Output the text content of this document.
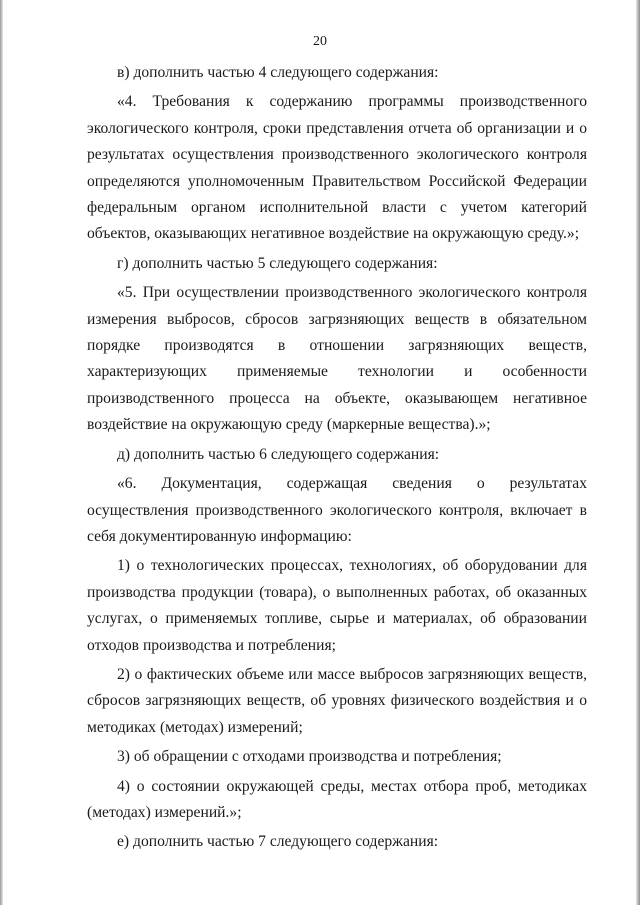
20

в) дополнить частью 4 следующего содержания:

«4. Требования к содержанию программы производственного экологического контроля, сроки представления отчета об организации и о результатах осуществления производственного экологического контроля определяются уполномоченным Правительством Российской Федерации федеральным органом исполнительной власти с учетом категорий объектов, оказывающих негативное воздействие на окружающую среду.»;

г) дополнить частью 5 следующего содержания:

«5. При осуществлении производственного экологического контроля измерения выбросов, сбросов загрязняющих веществ в обязательном порядке производятся в отношении загрязняющих веществ, характеризующих применяемые технологии и особенности производственного процесса на объекте, оказывающем негативное воздействие на окружающую среду (маркерные вещества).»;

д) дополнить частью 6 следующего содержания:

«6. Документация, содержащая сведения о результатах осуществления производственного экологического контроля, включает в себя документированную информацию:

1) о технологических процессах, технологиях, об оборудовании для производства продукции (товара), о выполненных работах, об оказанных услугах, о применяемых топливе, сырье и материалах, об образовании отходов производства и потребления;

2) о фактических объеме или массе выбросов загрязняющих веществ, сбросов загрязняющих веществ, об уровнях физического воздействия и о методиках (методах) измерений;

3) об обращении с отходами производства и потребления;

4) о состоянии окружающей среды, местах отбора проб, методиках (методах) измерений.»;

е) дополнить частью 7 следующего содержания:
